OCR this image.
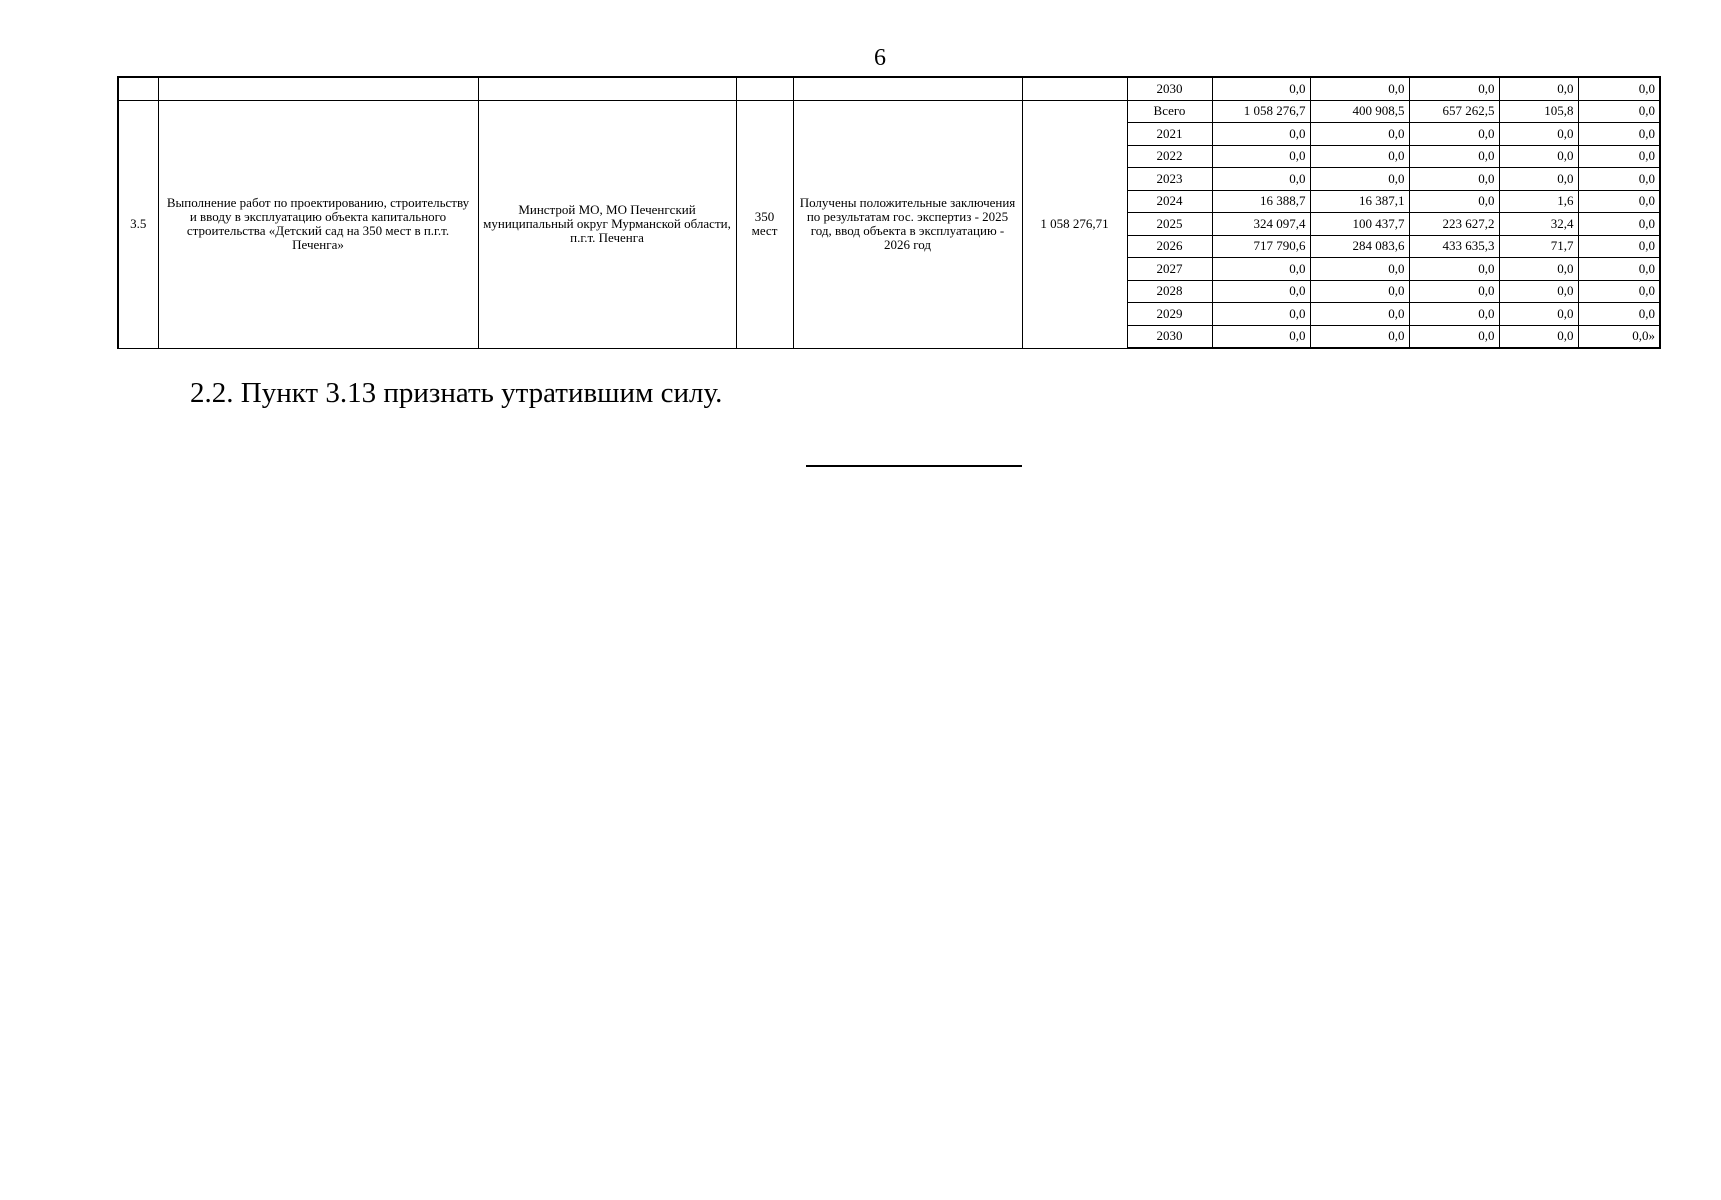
6
						2030	0,0	0,0	0,0	0,0	0,0
3.5	Выполнение работ по проектированию, строительству и вводу в эксплуатацию объекта капитального строительства «Детский сад на 350 мест в п.г.т. Печенга»	Минстрой МО, МО Печенгский муниципальный округ Мурманской области, п.г.т. Печенга	350 мест	Получены положительные заключения по результатам гос. экспертиз - 2025 год, ввод объекта в эксплуатацию - 2026 год	1 058 276,71	Всего	1 058 276,7	400 908,5	657 262,5	105,8	0,0
						2021	0,0	0,0	0,0	0,0	0,0
						2022	0,0	0,0	0,0	0,0	0,0
						2023	0,0	0,0	0,0	0,0	0,0
						2024	16 388,7	16 387,1	0,0	1,6	0,0
						2025	324 097,4	100 437,7	223 627,2	32,4	0,0
						2026	717 790,6	284 083,6	433 635,3	71,7	0,0
						2027	0,0	0,0	0,0	0,0	0,0
						2028	0,0	0,0	0,0	0,0	0,0
						2029	0,0	0,0	0,0	0,0	0,0
						2030	0,0	0,0	0,0	0,0	0,0»
2.2. Пункт 3.13 признать утратившим силу.
